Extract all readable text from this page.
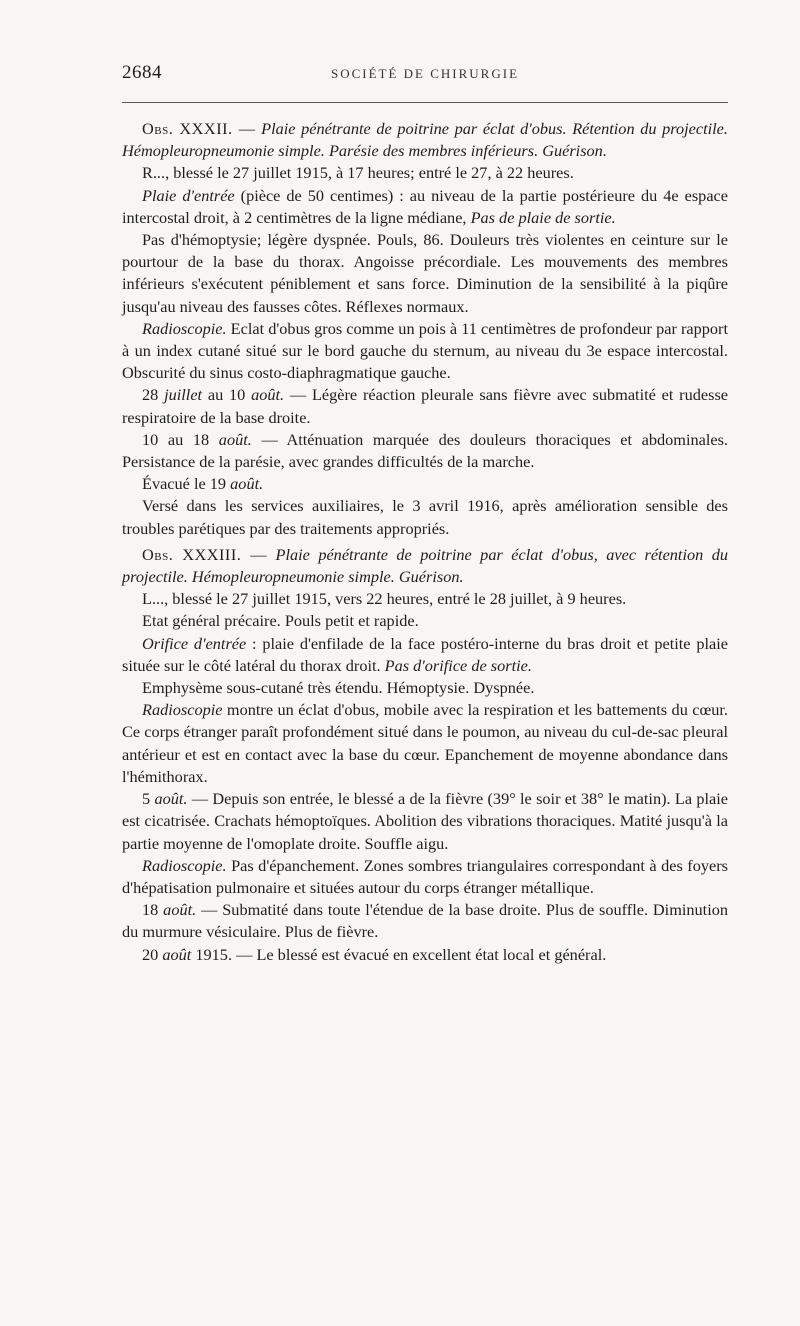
2684	SOCIÉTÉ DE CHIRURGIE

Obs. XXXII. — Plaie pénétrante de poitrine par éclat d'obus. Rétention du projectile. Hémopleuropneumonie simple. Parésie des membres inférieurs. Guérison.

R..., blessé le 27 juillet 1915, à 17 heures; entré le 27, à 22 heures.

Plaie d'entrée (pièce de 50 centimes) : au niveau de la partie postérieure du 4e espace intercostal droit, à 2 centimètres de la ligne médiane, Pas de plaie de sortie.

Pas d'hémoptysie; légère dyspnée. Pouls, 86. Douleurs très violentes en ceinture sur le pourtour de la base du thorax. Angoisse précordiale. Les mouvements des membres inférieurs s'exécutent péniblement et sans force. Diminution de la sensibilité à la piqûre jusqu'au niveau des fausses côtes. Réflexes normaux.

Radioscopie. Eclat d'obus gros comme un pois à 11 centimètres de profondeur par rapport à un index cutané situé sur le bord gauche du sternum, au niveau du 3e espace intercostal. Obscurité du sinus costo-diaphragmatique gauche.

28 juillet au 10 août. — Légère réaction pleurale sans fièvre avec submatité et rudesse respiratoire de la base droite.

10 au 18 août. — Atténuation marquée des douleurs thoraciques et abdominales. Persistance de la parésie, avec grandes difficultés de la marche.

Évacué le 19 août.

Versé dans les services auxiliaires, le 3 avril 1916, après amélioration sensible des troubles parétiques par des traitements appropriés.

Obs. XXXIII. — Plaie pénétrante de poitrine par éclat d'obus, avec rétention du projectile. Hémopleuropneumonie simple. Guérison.

L..., blessé le 27 juillet 1915, vers 22 heures, entré le 28 juillet, à 9 heures.

Etat général précaire. Pouls petit et rapide.

Orifice d'entrée : plaie d'enfilade de la face postéro-interne du bras droit et petite plaie située sur le côté latéral du thorax droit. Pas d'orifice de sortie.

Emphysème sous-cutané très étendu. Hémoptysie. Dyspnée.

Radioscopie montre un éclat d'obus, mobile avec la respiration et les battements du cœur. Ce corps étranger paraît profondément situé dans le poumon, au niveau du cul-de-sac pleural antérieur et est en contact avec la base du cœur. Epanchement de moyenne abondance dans l'hémithorax.

5 août. — Depuis son entrée, le blessé a de la fièvre (39° le soir et 38° le matin). La plaie est cicatrisée. Crachats hémoptoïques. Abolition des vibrations thoraciques. Matité jusqu'à la partie moyenne de l'omoplate droite. Souffle aigu.

Radioscopie. Pas d'épanchement. Zones sombres triangulaires correspondant à des foyers d'hépatisation pulmonaire et situées autour du corps étranger métallique.

18 août. — Submatité dans toute l'étendue de la base droite. Plus de souffle. Diminution du murmure vésiculaire. Plus de fièvre.

20 août 1915. — Le blessé est évacué en excellent état local et général.
